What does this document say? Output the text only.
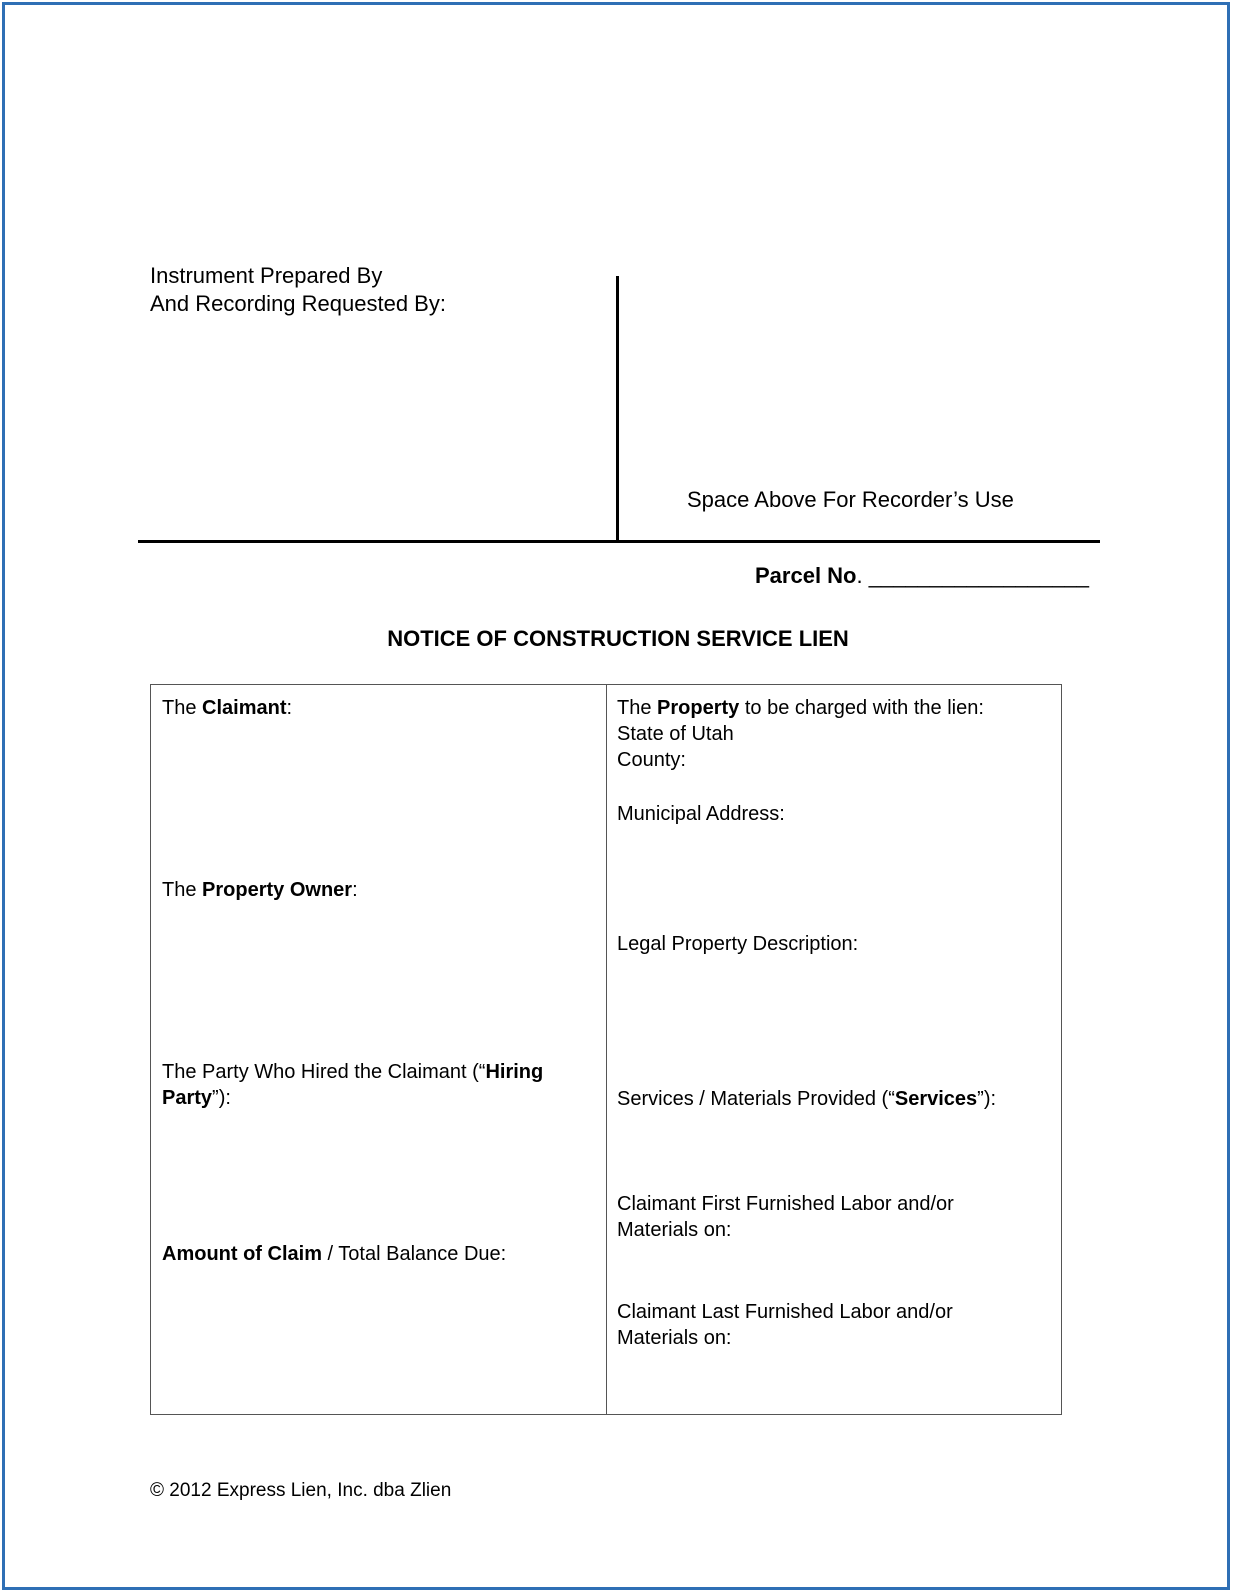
Instrument Prepared By
And Recording Requested By:
Space Above For Recorder’s Use
Parcel No. __________________
NOTICE OF CONSTRUCTION SERVICE LIEN
The Claimant:
The Property Owner:
The Party Who Hired the Claimant (“Hiring
Party”):
Amount of Claim / Total Balance Due:
The Property to be charged with the lien:
State of Utah
County:
Municipal Address:
Legal Property Description:
Services / Materials Provided (“Services”):
Claimant First Furnished Labor and/or
Materials on:
Claimant Last Furnished Labor and/or
Materials on:
© 2012 Express Lien, Inc. dba Zlien
